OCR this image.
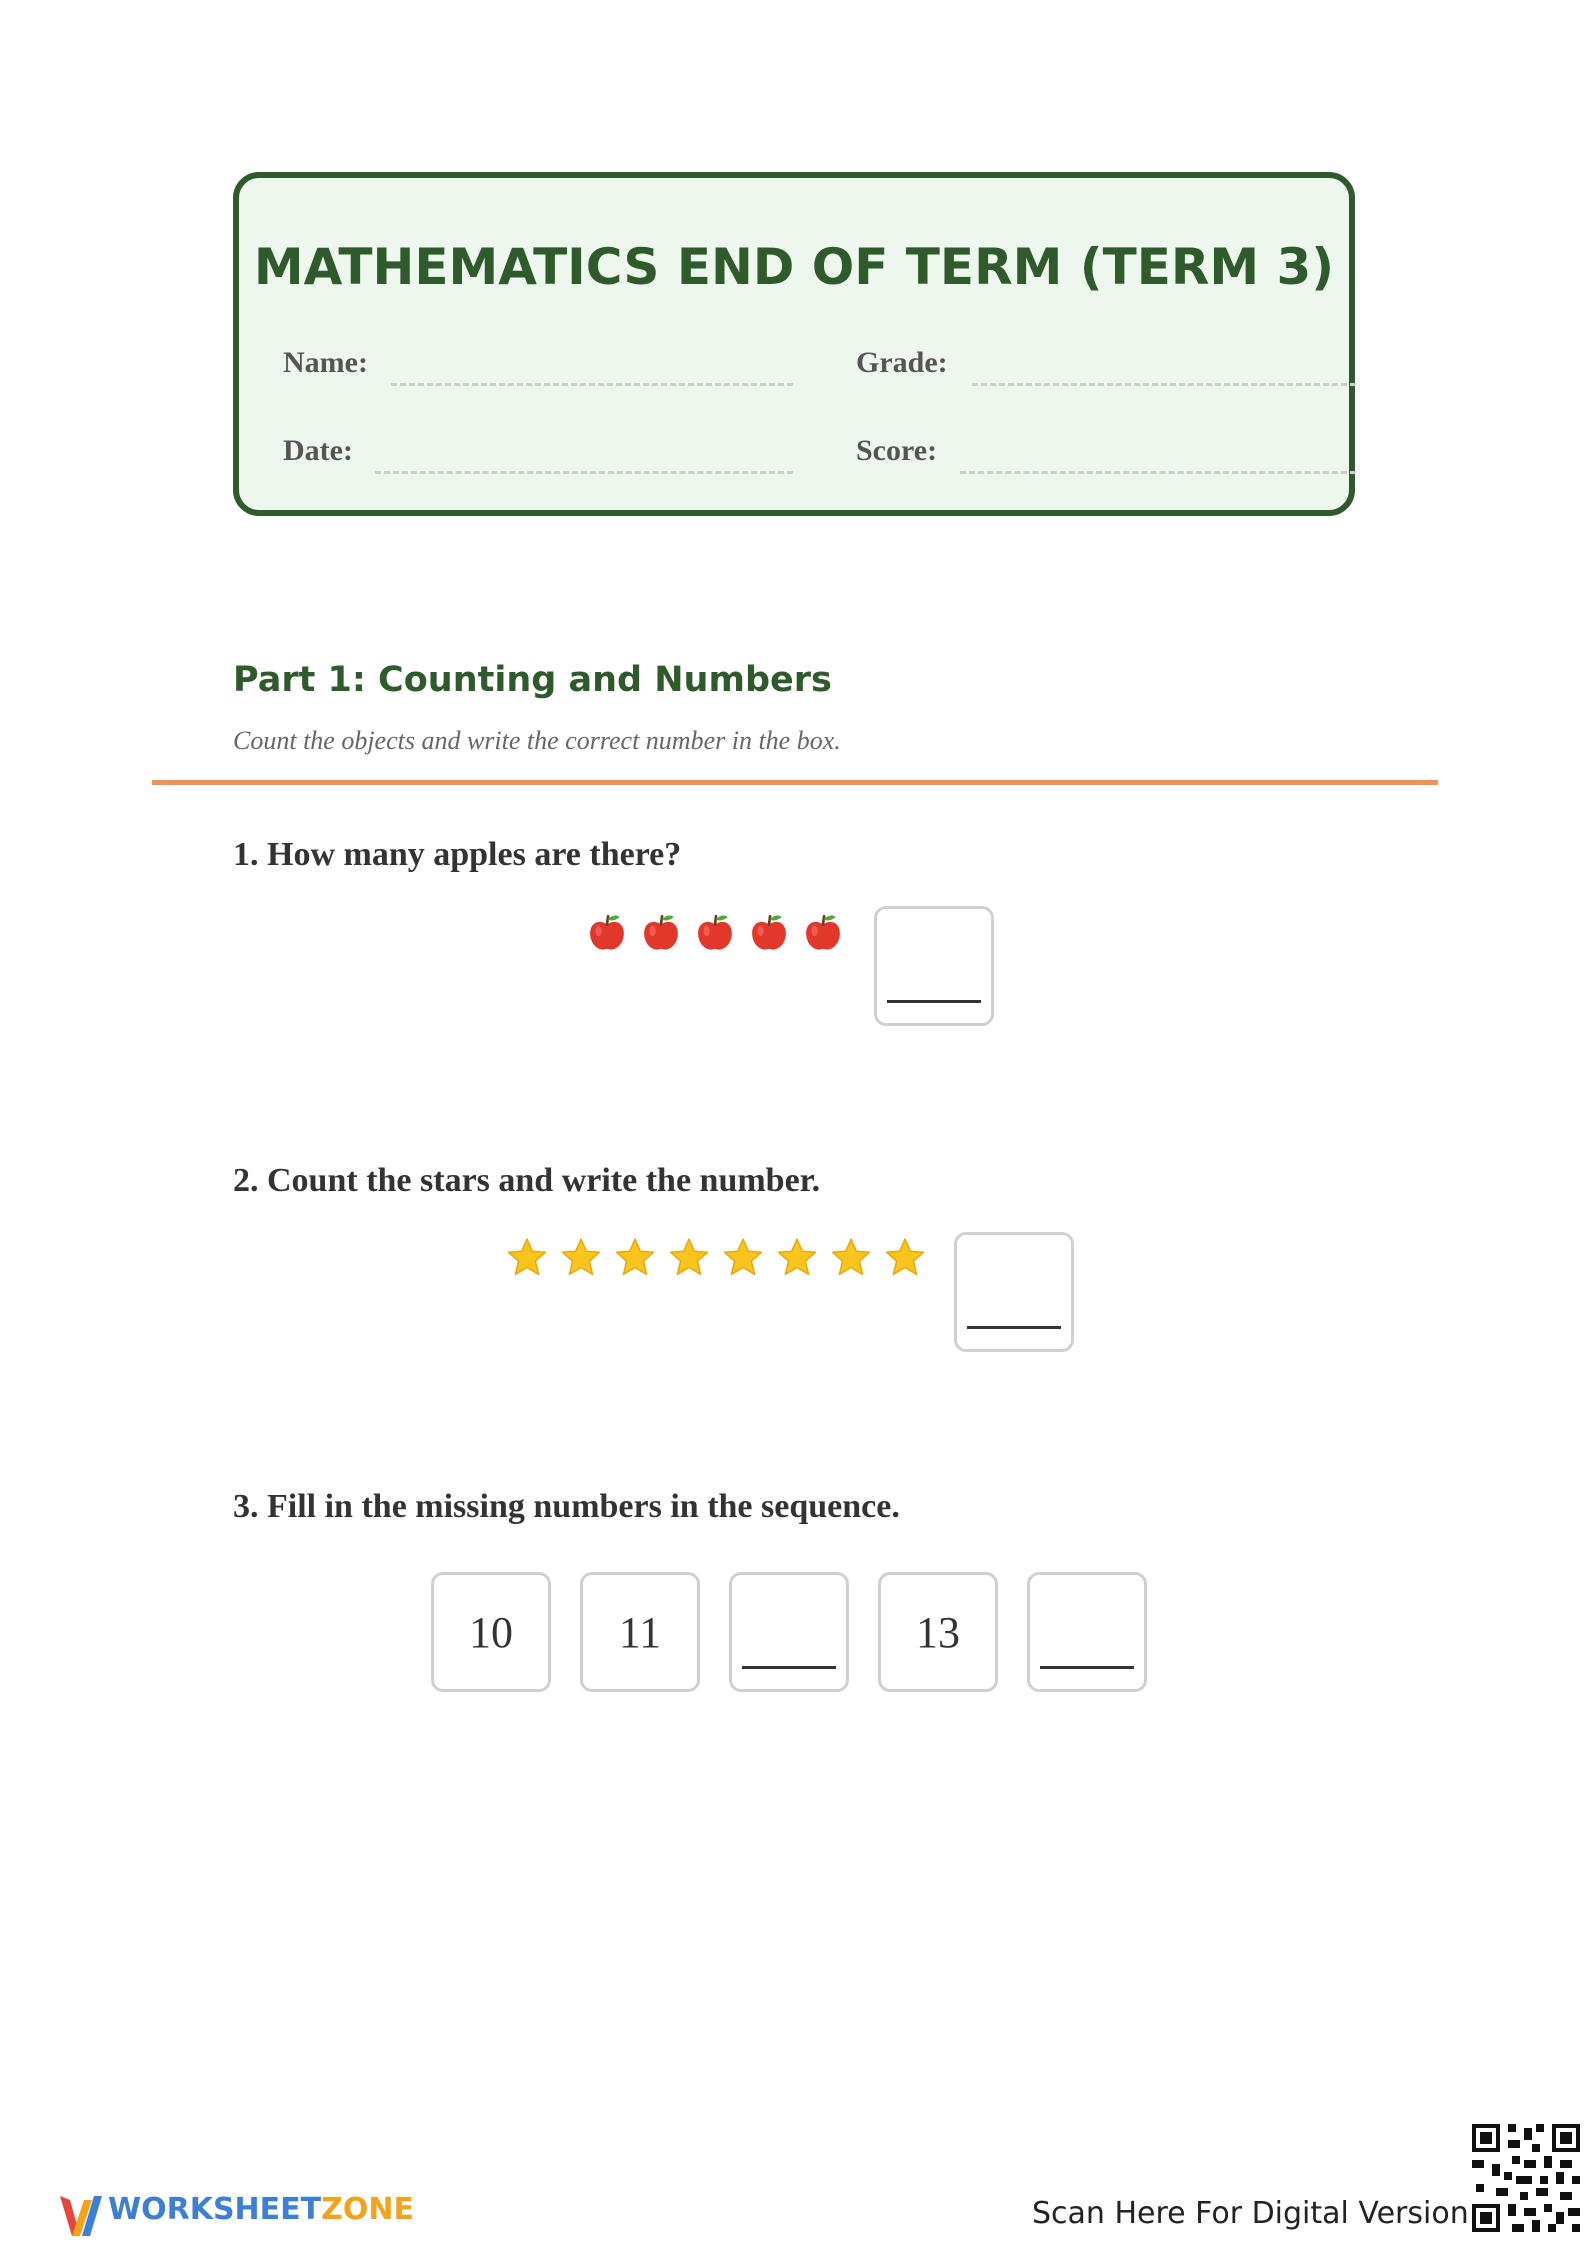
MATHEMATICS END OF TERM (TERM 3)
Name:	Grade:
Date:	Score:
Part 1: Counting and Numbers
Count the objects and write the correct number in the box.
1. How many apples are there?
2. Count the stars and write the number.
3. Fill in the missing numbers in the sequence.
10	11	13
WORKSHEETZONE	Scan Here For Digital Version
